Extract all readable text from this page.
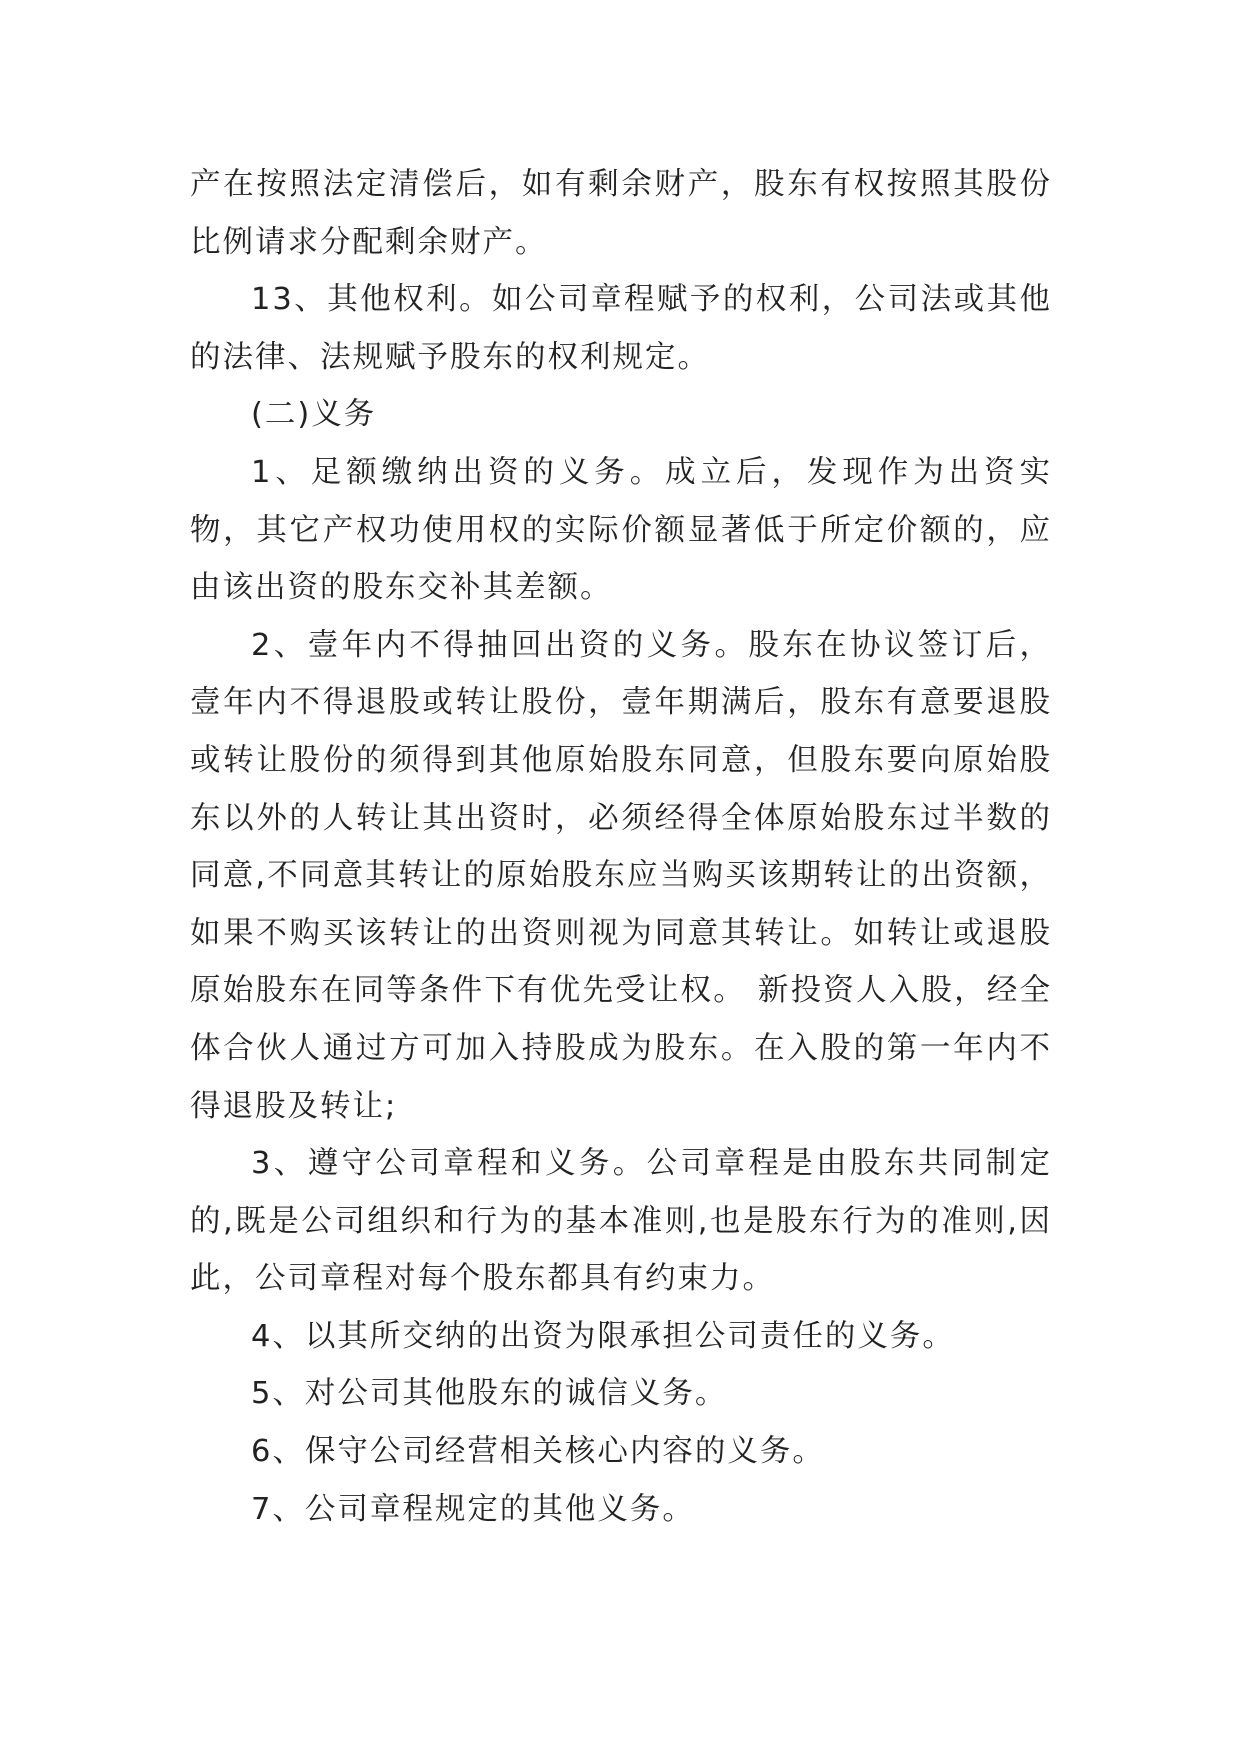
产在按照法定清偿后，如有剩余财产，股东有权按照其股份比例请求分配剩余财产。

13、其他权利。如公司章程赋予的权利，公司法或其他的法律、法规赋予股东的权利规定。

(二)义务

1、足额缴纳出资的义务。成立后，发现作为出资实物，其它产权功使用权的实际价额显著低于所定价额的，应由该出资的股东交补其差额。

2、壹年内不得抽回出资的义务。股东在协议签订后，壹年内不得退股或转让股份，壹年期满后，股东有意要退股或转让股份的须得到其他原始股东同意，但股东要向原始股东以外的人转让其出资时，必须经得全体原始股东过半数的同意,不同意其转让的原始股东应当购买该期转让的出资额，如果不购买该转让的出资则视为同意其转让。如转让或退股原始股东在同等条件下有优先受让权。 新投资人入股，经全体合伙人通过方可加入持股成为股东。在入股的第一年内不得退股及转让;

3、遵守公司章程和义务。公司章程是由股东共同制定的,既是公司组织和行为的基本准则,也是股东行为的准则,因此，公司章程对每个股东都具有约束力。

4、以其所交纳的出资为限承担公司责任的义务。

5、对公司其他股东的诚信义务。

6、保守公司经营相关核心内容的义务。

7、公司章程规定的其他义务。
